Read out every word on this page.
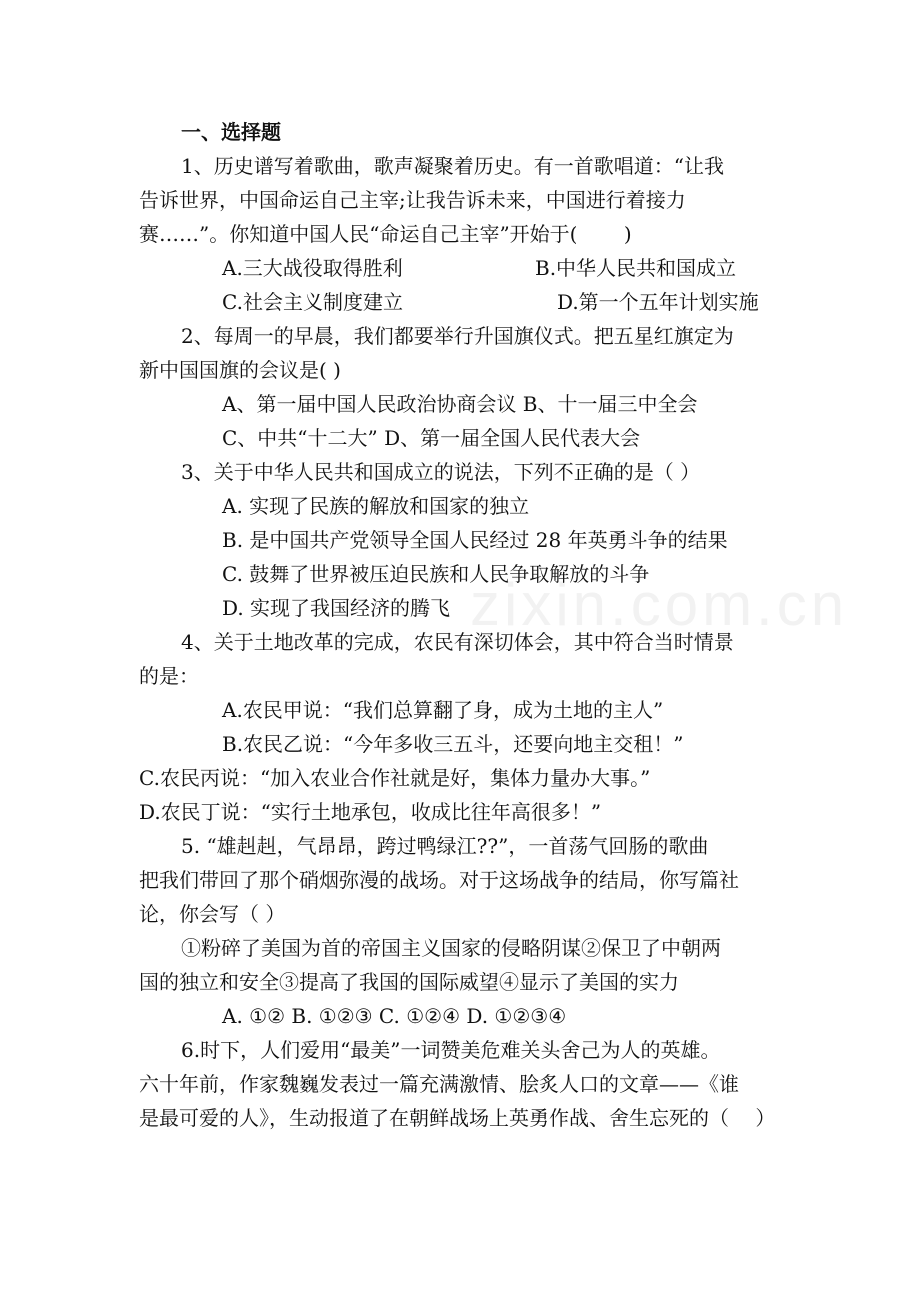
zixin.com.cn
一、选择题
1、历史谱写着歌曲，歌声凝聚着历史。有一首歌唱道：“让我
告诉世界，中国命运自己主宰;让我告诉未来，中国进行着接力
赛……”。你知道中国人民“命运自己主宰”开始于(　　 )
A.三大战役取得胜利	B.中华人民共和国成立
C.社会主义制度建立	D.第一个五年计划实施
2、每周一的早晨，我们都要举行升国旗仪式。把五星红旗定为
新中国国旗的会议是( )
A、第一届中国人民政治协商会议 B、十一届三中全会
C、中共“十二大” D、第一届全国人民代表大会
3、关于中华人民共和国成立的说法，下列不正确的是（ ）
A. 实现了民族的解放和国家的独立
B. 是中国共产党领导全国人民经过 28 年英勇斗争的结果
C. 鼓舞了世界被压迫民族和人民争取解放的斗争
D. 实现了我国经济的腾飞
4、关于土地改革的完成，农民有深切体会，其中符合当时情景
的是：
A.农民甲说：“我们总算翻了身，成为土地的主人”
B.农民乙说：“今年多收三五斗，还要向地主交租！”
C.农民丙说：“加入农业合作社就是好，集体力量办大事。”
D.农民丁说：“实行土地承包，收成比往年高很多！”
5. “雄赳赳，气昂昂，跨过鸭绿江??”，一首荡气回肠的歌曲
把我们带回了那个硝烟弥漫的战场。对于这场战争的结局，你写篇社
论，你会写（ ）
①粉碎了美国为首的帝国主义国家的侵略阴谋②保卫了中朝两
国的独立和安全③提高了我国的国际威望④显示了美国的实力
A. ①② B. ①②③ C. ①②④ D. ①②③④
6.时下，人们爱用“最美”一词赞美危难关头舍己为人的英雄。
六十年前，作家魏巍发表过一篇充满激情、脍炙人口的文章——《谁
是最可爱的人》，生动报道了在朝鲜战场上英勇作战、舍生忘死的（　 ）
